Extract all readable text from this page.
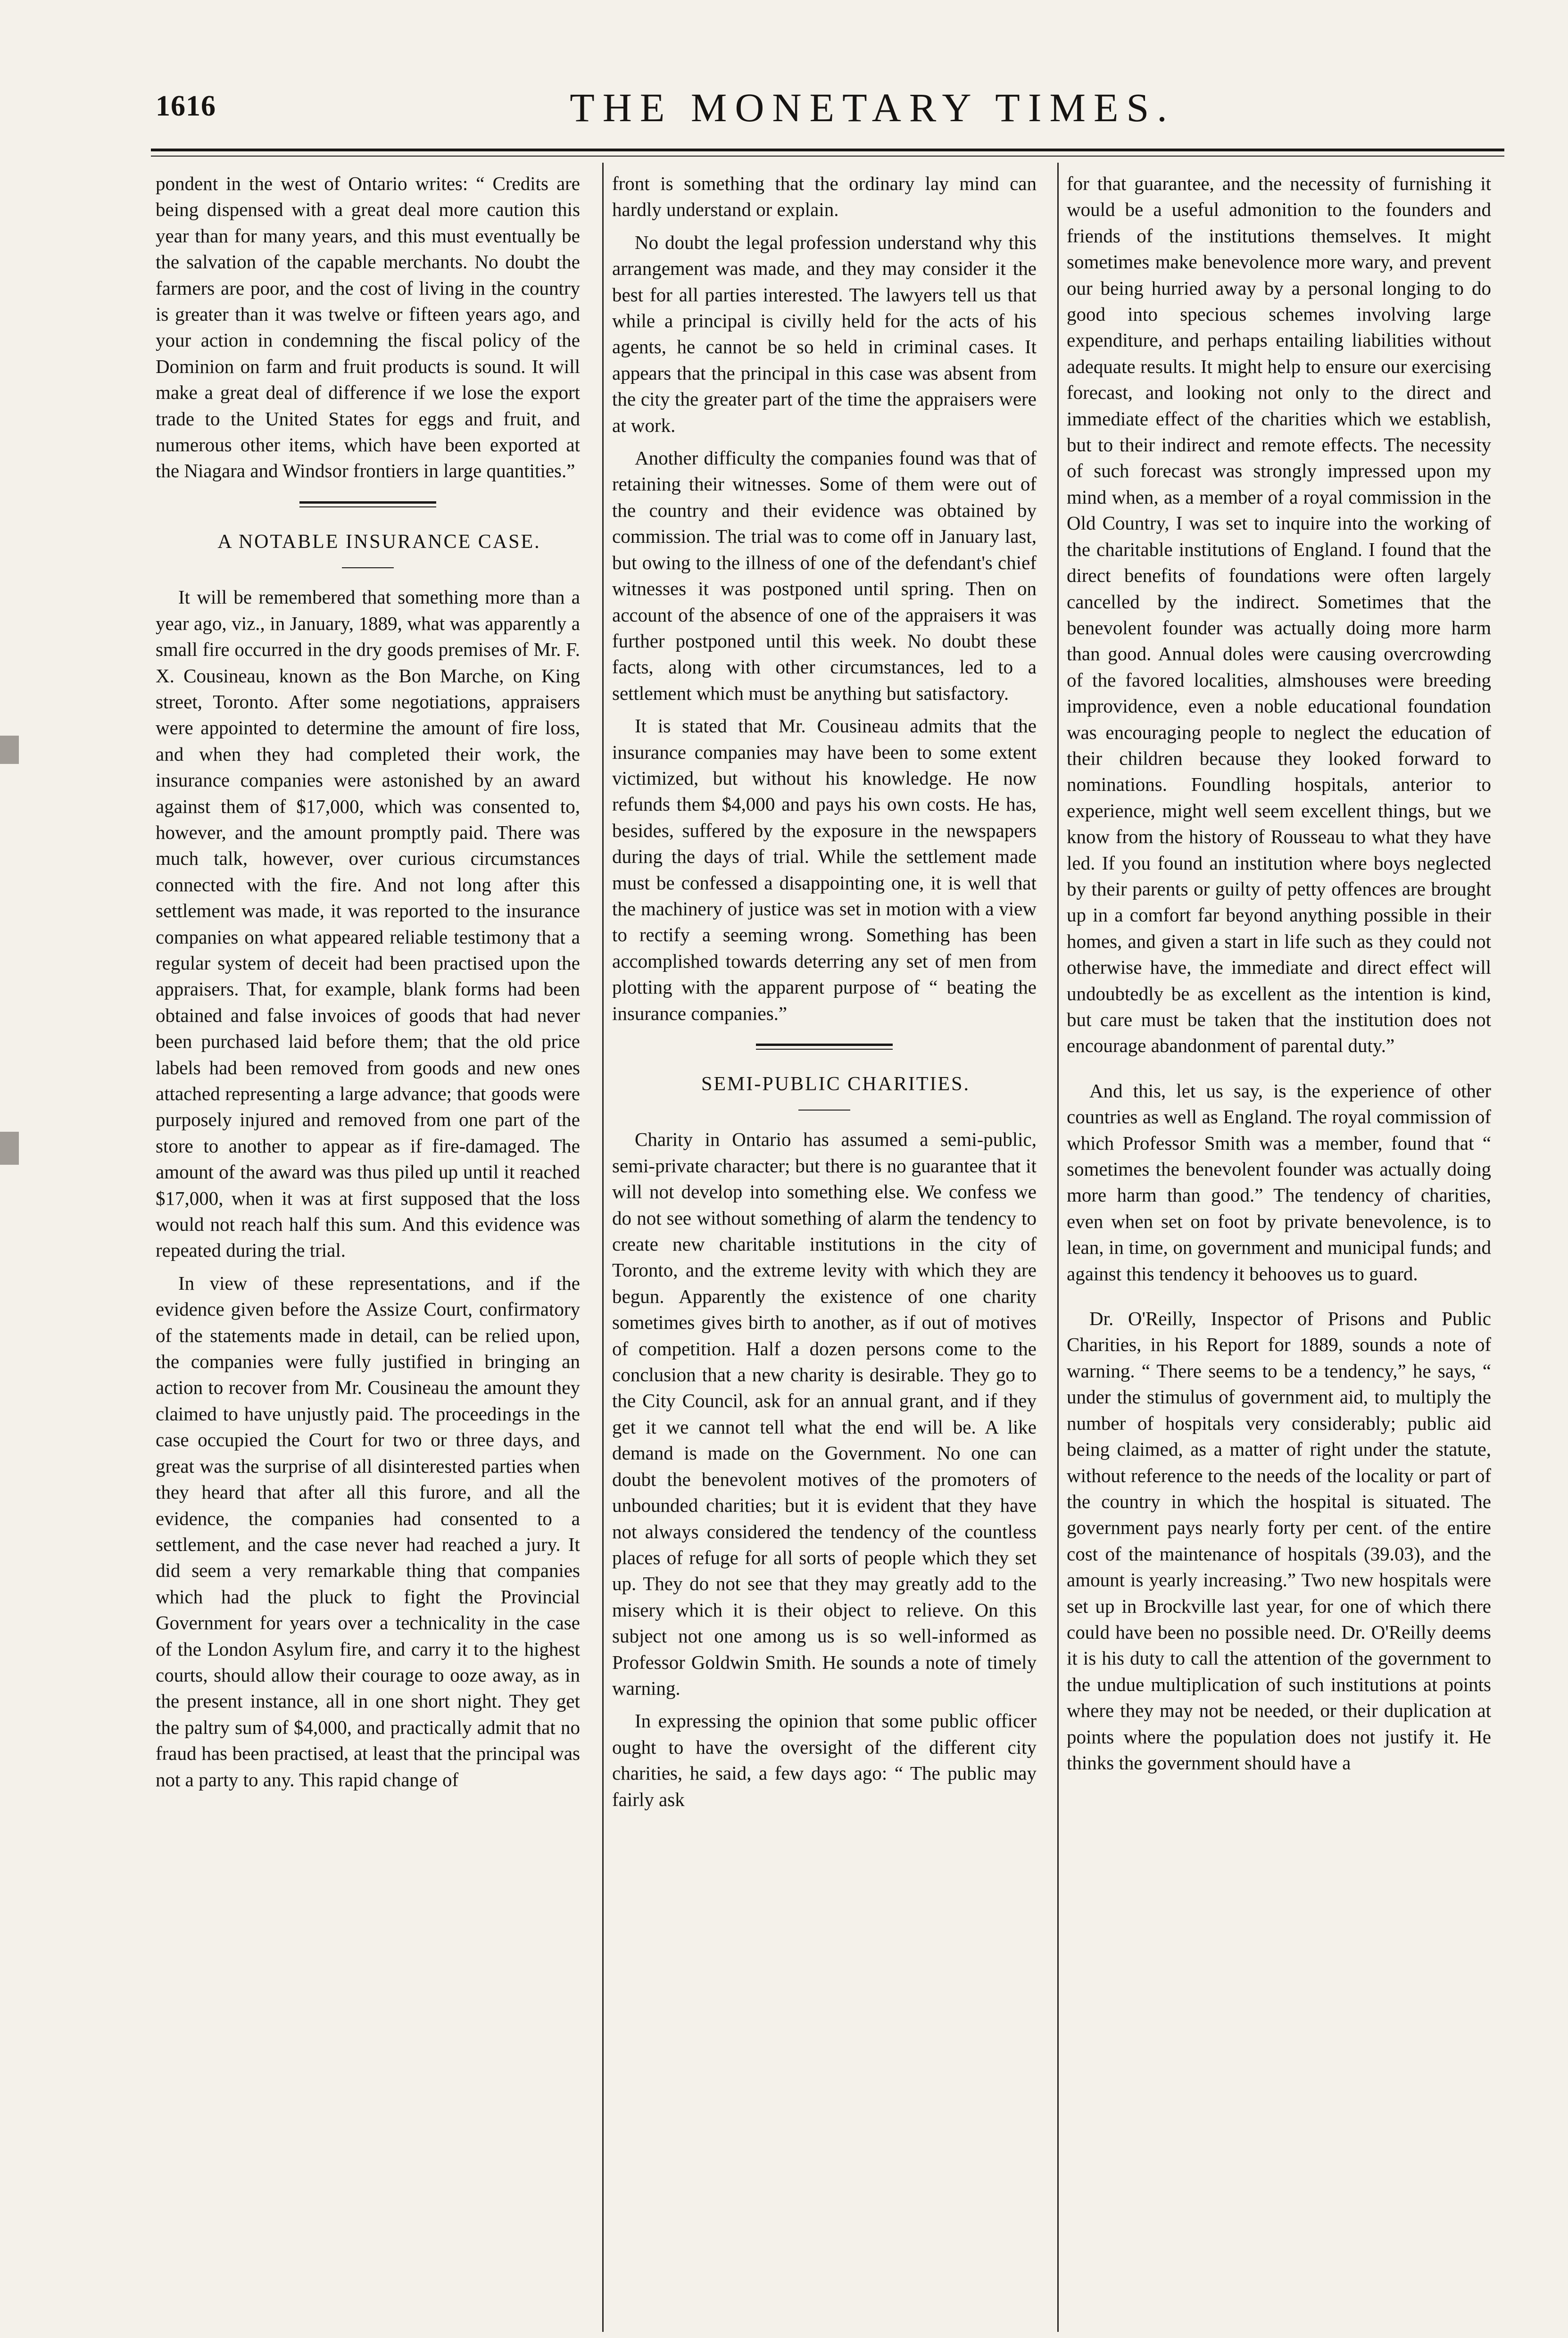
1616	THE MONETARY TIMES.

pondent in the west of Ontario writes: “ Credits are being dispensed with a great deal more caution this year than for many years, and this must eventually be the salvation of the capable merchants. No doubt the farmers are poor, and the cost of living in the country is greater than it was twelve or fifteen years ago, and your action in condemning the fiscal policy of the Dominion on farm and fruit products is sound. It will make a great deal of difference if we lose the export trade to the United States for eggs and fruit, and numerous other items, which have been exported at the Niagara and Windsor frontiers in large quantities.”

A NOTABLE INSURANCE CASE.

It will be remembered that something more than a year ago, viz., in January, 1889, what was apparently a small fire occurred in the dry goods premises of Mr. F. X. Cousineau, known as the Bon Marche, on King street, Toronto. After some negotiations, appraisers were appointed to determine the amount of fire loss, and when they had completed their work, the insurance companies were astonished by an award against them of $17,000, which was consented to, however, and the amount promptly paid. There was much talk, however, over curious circumstances connected with the fire. And not long after this settlement was made, it was reported to the insurance companies on what appeared reliable testimony that a regular system of deceit had been practised upon the appraisers. That, for example, blank forms had been obtained and false invoices of goods that had never been purchased laid before them; that the old price labels had been removed from goods and new ones attached representing a large advance; that goods were purposely injured and removed from one part of the store to another to appear as if fire-damaged. The amount of the award was thus piled up until it reached $17,000, when it was at first supposed that the loss would not reach half this sum. And this evidence was repeated during the trial.

In view of these representations, and if the evidence given before the Assize Court, confirmatory of the statements made in detail, can be relied upon, the companies were fully justified in bringing an action to recover from Mr. Cousineau the amount they claimed to have unjustly paid. The proceedings in the case occupied the Court for two or three days, and great was the surprise of all disinterested parties when they heard that after all this furore, and all the evidence, the companies had consented to a settlement, and the case never had reached a jury. It did seem a very remarkable thing that companies which had the pluck to fight the Provincial Government for years over a technicality in the case of the London Asylum fire, and carry it to the highest courts, should allow their courage to ooze away, as in the present instance, all in one short night. They get the paltry sum of $4,000, and practically admit that no fraud has been practised, at least that the principal was not a party to any. This rapid change of

front is something that the ordinary lay mind can hardly understand or explain.

No doubt the legal profession understand why this arrangement was made, and they may consider it the best for all parties interested. The lawyers tell us that while a principal is civilly held for the acts of his agents, he cannot be so held in criminal cases. It appears that the principal in this case was absent from the city the greater part of the time the appraisers were at work.

Another difficulty the companies found was that of retaining their witnesses. Some of them were out of the country and their evidence was obtained by commission. The trial was to come off in January last, but owing to the illness of one of the defendant's chief witnesses it was postponed until spring. Then on account of the absence of one of the appraisers it was further postponed until this week. No doubt these facts, along with other circumstances, led to a settlement which must be anything but satisfactory.

It is stated that Mr. Cousineau admits that the insurance companies may have been to some extent victimized, but without his knowledge. He now refunds them $4,000 and pays his own costs. He has, besides, suffered by the exposure in the newspapers during the days of trial. While the settlement made must be confessed a disappointing one, it is well that the machinery of justice was set in motion with a view to rectify a seeming wrong. Something has been accomplished towards deterring any set of men from plotting with the apparent purpose of “ beating the insurance companies.”

SEMI-PUBLIC CHARITIES.

Charity in Ontario has assumed a semi-public, semi-private character; but there is no guarantee that it will not develop into something else. We confess we do not see without something of alarm the tendency to create new charitable institutions in the city of Toronto, and the extreme levity with which they are begun. Apparently the existence of one charity sometimes gives birth to another, as if out of motives of competition. Half a dozen persons come to the conclusion that a new charity is desirable. They go to the City Council, ask for an annual grant, and if they get it we cannot tell what the end will be. A like demand is made on the Government. No one can doubt the benevolent motives of the promoters of unbounded charities; but it is evident that they have not always considered the tendency of the countless places of refuge for all sorts of people which they set up. They do not see that they may greatly add to the misery which it is their object to relieve. On this subject not one among us is so well-informed as Professor Goldwin Smith. He sounds a note of timely warning.

In expressing the opinion that some public officer ought to have the oversight of the different city charities, he said, a few days ago: “ The public may fairly ask

for that guarantee, and the necessity of furnishing it would be a useful admonition to the founders and friends of the institutions themselves. It might sometimes make benevolence more wary, and prevent our being hurried away by a personal longing to do good into specious schemes involving large expenditure, and perhaps entailing liabilities without adequate results. It might help to ensure our exercising forecast, and looking not only to the direct and immediate effect of the charities which we establish, but to their indirect and remote effects. The necessity of such forecast was strongly impressed upon my mind when, as a member of a royal commission in the Old Country, I was set to inquire into the working of the charitable institutions of England. I found that the direct benefits of foundations were often largely cancelled by the indirect. Sometimes that the benevolent founder was actually doing more harm than good. Annual doles were causing overcrowding of the favored localities, almshouses were breeding improvidence, even a noble educational foundation was encouraging people to neglect the education of their children because they looked forward to nominations. Foundling hospitals, anterior to experience, might well seem excellent things, but we know from the history of Rousseau to what they have led. If you found an institution where boys neglected by their parents or guilty of petty offences are brought up in a comfort far beyond anything possible in their homes, and given a start in life such as they could not otherwise have, the immediate and direct effect will undoubtedly be as excellent as the intention is kind, but care must be taken that the institution does not encourage abandonment of parental duty.”

And this, let us say, is the experience of other countries as well as England. The royal commission of which Professor Smith was a member, found that “ sometimes the benevolent founder was actually doing more harm than good.” The tendency of charities, even when set on foot by private benevolence, is to lean, in time, on government and municipal funds; and against this tendency it behooves us to guard.

Dr. O'Reilly, Inspector of Prisons and Public Charities, in his Report for 1889, sounds a note of warning. “ There seems to be a tendency,” he says, “ under the stimulus of government aid, to multiply the number of hospitals very considerably; public aid being claimed, as a matter of right under the statute, without reference to the needs of the locality or part of the country in which the hospital is situated. The government pays nearly forty per cent. of the entire cost of the maintenance of hospitals (39.03), and the amount is yearly increasing.” Two new hospitals were set up in Brockville last year, for one of which there could have been no possible need. Dr. O'Reilly deems it is his duty to call the attention of the government to the undue multiplication of such institutions at points where they may not be needed, or their duplication at points where the population does not justify it. He thinks the government should have a
